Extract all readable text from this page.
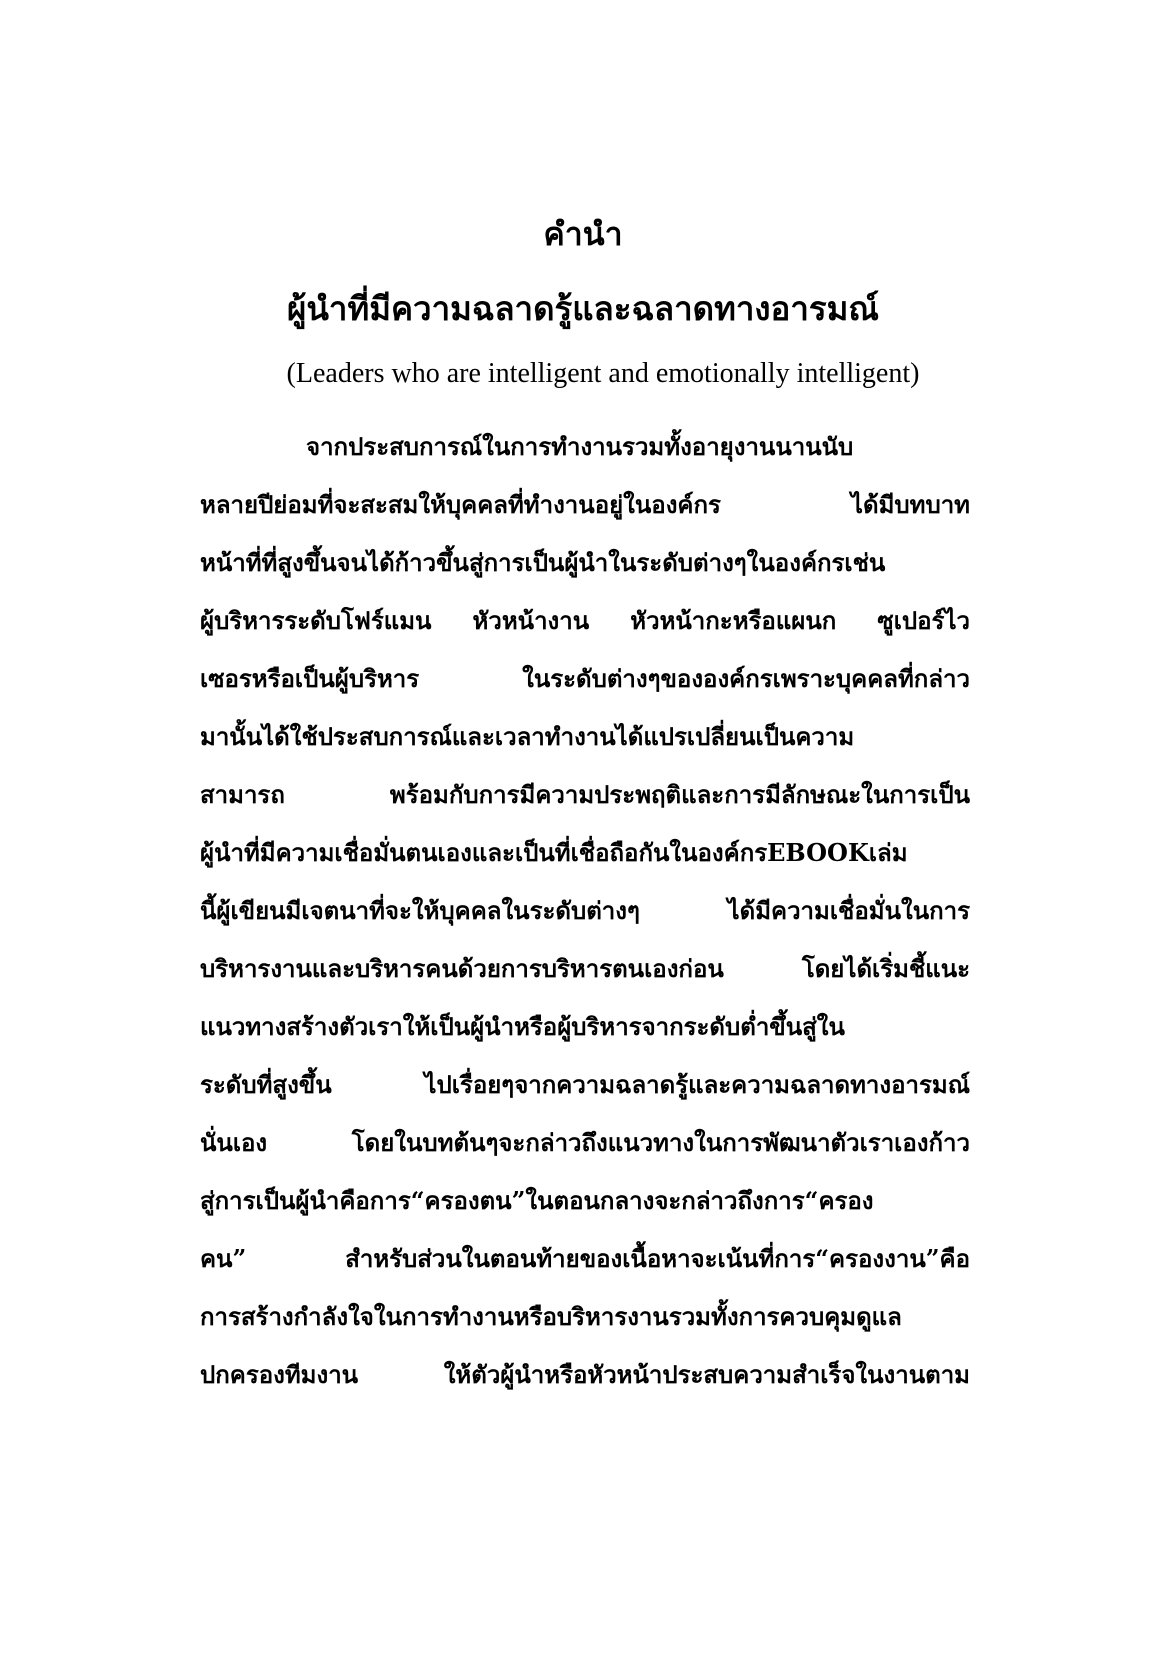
คำนำ
ผู้นำที่มีความฉลาดรู้และฉลาดทางอารมณ์

(Leaders who are intelligent and emotionally intelligent)

จากประสบการณ์ในการทำงานรวมทั้งอายุงานนานนับ
หลายปีย่อมที่จะสะสมให้บุคคลที่ทำงานอยู่ในองค์กร ได้มีบทบาท
หน้าที่ที่สูงขึ้นจนได้ก้าวขึ้นสู่การเป็นผู้นำในระดับต่างๆในองค์กรเช่น
ผู้บริหารระดับโฟร์แมน หัวหน้างาน หัวหน้ากะหรือแผนก ซูเปอร์ไว
เซอรหรือเป็นผู้บริหาร ในระดับต่างๆขององค์กรเพราะบุคคลที่กล่าว
มานั้นได้ใช้ประสบการณ์และเวลาทำงานได้แปรเปลี่ยนเป็นความ
สามารถ พร้อมกับการมีความประพฤติและการมีลักษณะในการเป็น
ผู้นำที่มีความเชื่อมั่นตนเองและเป็นที่เชื่อถือกันในองค์กรEBOOKเล่ม
นี้ผู้เขียนมีเจตนาที่จะให้บุคคลในระดับต่างๆ ได้มีความเชื่อมั่นในการ
บริหารงานและบริหารคนด้วยการบริหารตนเองก่อน โดยได้เริ่มชี้แนะ
แนวทางสร้างตัวเราให้เป็นผู้นำหรือผู้บริหารจากระดับต่ำขึ้นสู่ใน
ระดับที่สูงขึ้น ไปเรื่อยๆจากความฉลาดรู้และความฉลาดทางอารมณ์
นั่นเอง โดยในบทต้นๆจะกล่าวถึงแนวทางในการพัฒนาตัวเราเองก้าว
สู่การเป็นผู้นำคือการ“ครองตน”ในตอนกลางจะกล่าวถึงการ“ครอง
คน” สำหรับส่วนในตอนท้ายของเนื้อหาจะเน้นที่การ“ครองงาน”คือ
การสร้างกำลังใจในการทำงานหรือบริหารงานรวมทั้งการควบคุมดูแล
ปกครองทีมงาน ให้ตัวผู้นำหรือหัวหน้าประสบความสำเร็จในงานตาม
